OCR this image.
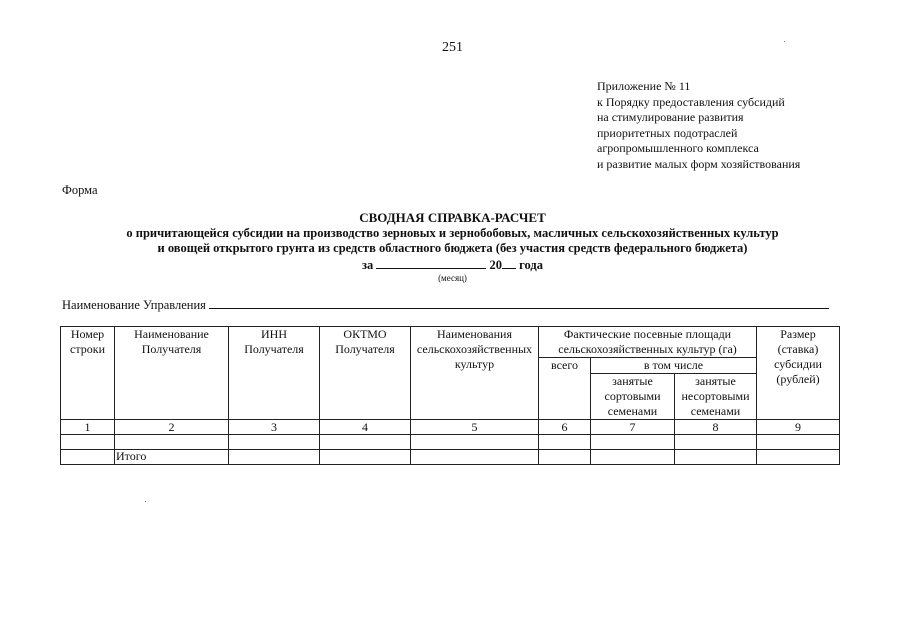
251
Приложение № 11
к Порядку предоставления субсидий
на стимулирование развития
приоритетных подотраслей
агропромышленного комплекса
и развитие малых форм хозяйствования
Форма
СВОДНАЯ СПРАВКА-РАСЧЕТ
о причитающейся субсидии на производство зерновых и зернобобовых, масличных сельскохозяйственных культур
и овощей открытого грунта из средств областного бюджета (без участия средств федерального бюджета)
за	20 года
(месяц)
Наименование Управления
Номер строки	Наименование Получателя	ИНН Получателя	ОКТМО Получателя	Наименования сельскохозяйственных культур	Фактические посевные площади сельскохозяйственных культур (га)			Размер (ставка) субсидии (рублей)
					всего	в том числе		
						занятые сортовыми семенами	занятые несортовыми семенами	
1	2	3	4	5	6	7	8	9

	Итого							
